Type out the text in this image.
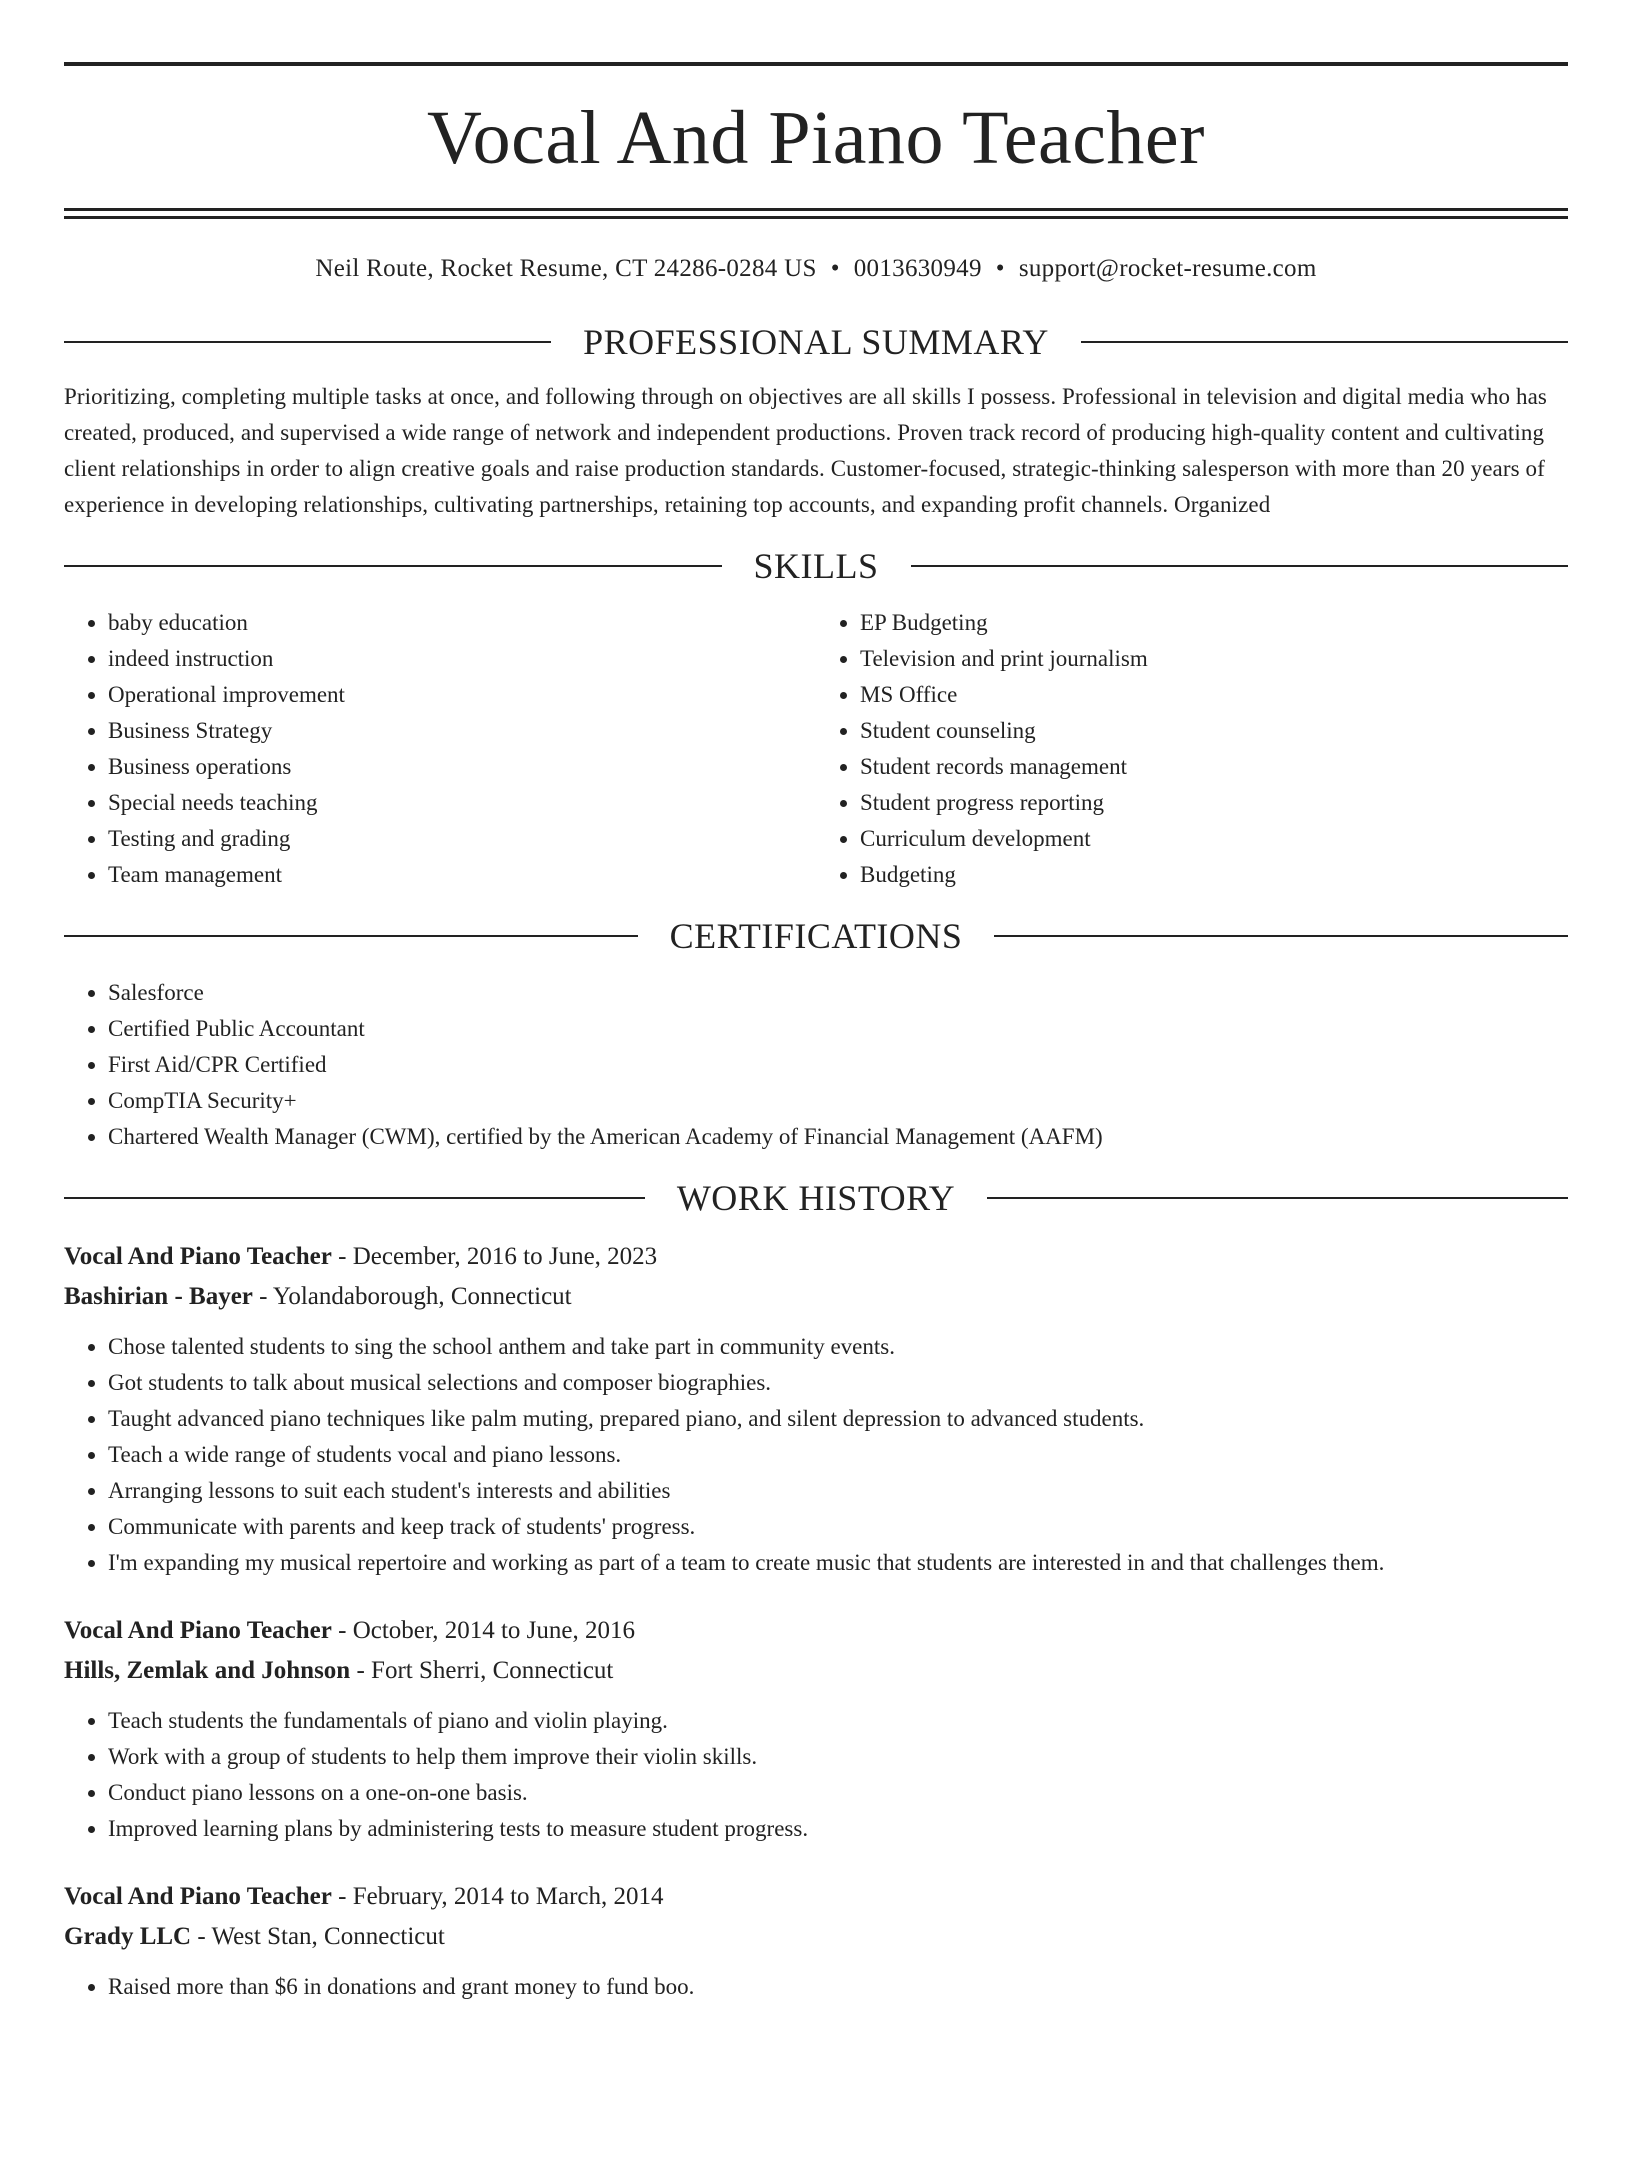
Vocal And Piano Teacher
Neil Route, Rocket Resume, CT 24286-0284 US • 0013630949 • support@rocket-resume.com
PROFESSIONAL SUMMARY

Prioritizing, completing multiple tasks at once, and following through on objectives are all skills I possess. Professional in television and digital media who has created, produced, and supervised a wide range of network and independent productions. Proven track record of producing high-quality content and cultivating client relationships in order to align creative goals and raise production standards. Customer-focused, strategic-thinking salesperson with more than 20 years of experience in developing relationships, cultivating partnerships, retaining top accounts, and expanding profit channels. Organized

SKILLS
• baby education
• indeed instruction
• Operational improvement
• Business Strategy
• Business operations
• Special needs teaching
• Testing and grading
• Team management
• EP Budgeting
• Television and print journalism
• MS Office
• Student counseling
• Student records management
• Student progress reporting
• Curriculum development
• Budgeting
CERTIFICATIONS
• Salesforce
• Certified Public Accountant
• First Aid/CPR Certified
• CompTIA Security+
• Chartered Wealth Manager (CWM), certified by the American Academy of Financial Management (AAFM)
WORK HISTORY
Vocal And Piano Teacher - December, 2016 to June, 2023
Bashirian - Bayer - Yolandaborough, Connecticut
• Chose talented students to sing the school anthem and take part in community events.
• Got students to talk about musical selections and composer biographies.
• Taught advanced piano techniques like palm muting, prepared piano, and silent depression to advanced students.
• Teach a wide range of students vocal and piano lessons.
• Arranging lessons to suit each student's interests and abilities
• Communicate with parents and keep track of students' progress.
• I'm expanding my musical repertoire and working as part of a team to create music that students are interested in and that challenges them.
Vocal And Piano Teacher - October, 2014 to June, 2016
Hills, Zemlak and Johnson - Fort Sherri, Connecticut
• Teach students the fundamentals of piano and violin playing.
• Work with a group of students to help them improve their violin skills.
• Conduct piano lessons on a one-on-one basis.
• Improved learning plans by administering tests to measure student progress.
Vocal And Piano Teacher - February, 2014 to March, 2014
Grady LLC - West Stan, Connecticut
• Raised more than $6 in donations and grant money to fund boo.
